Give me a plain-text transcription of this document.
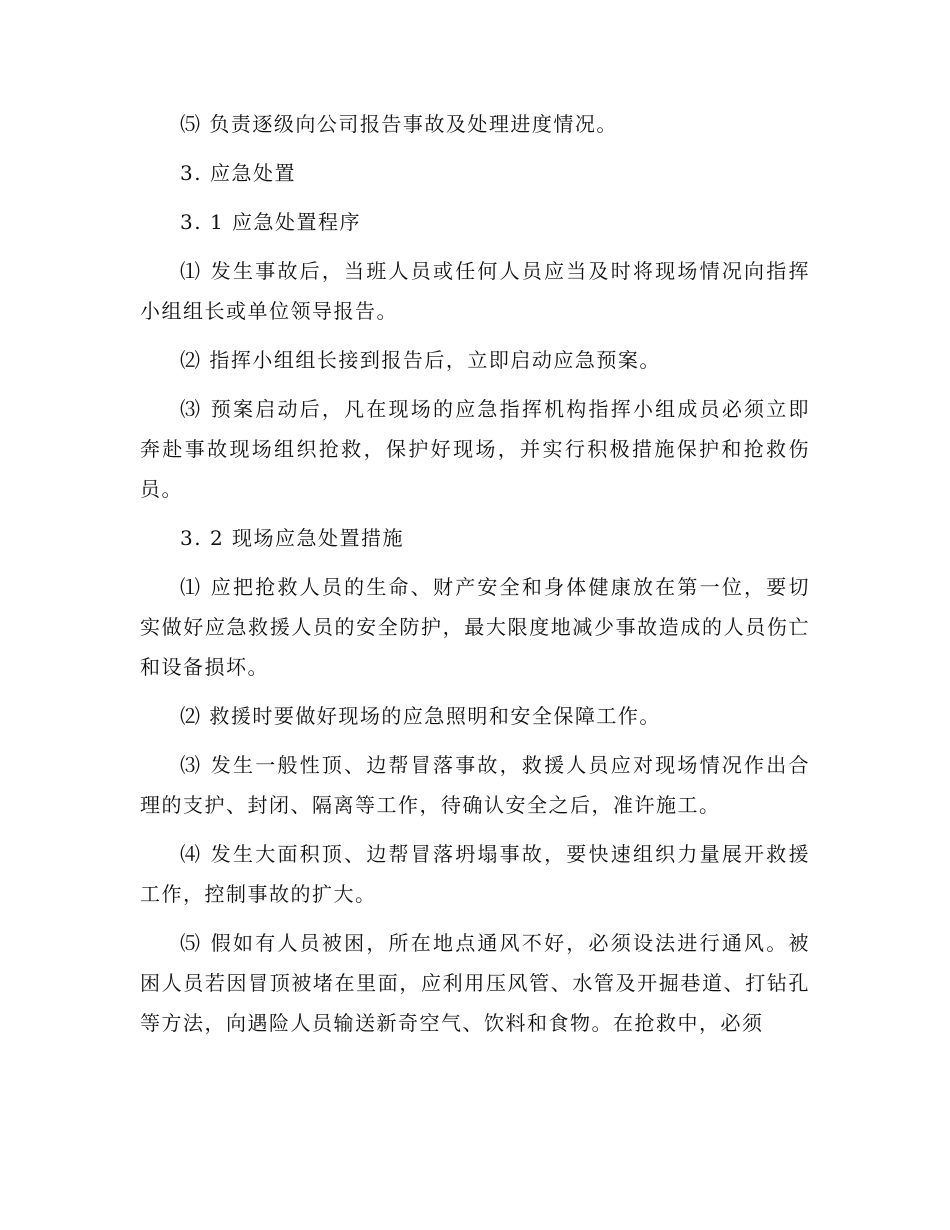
⑸ 负责逐级向公司报告事故及处理进度情况。

3. 应急处置

3. 1 应急处置程序

⑴ 发生事故后，当班人员或任何人员应当及时将现场情况向指挥小组组长或单位领导报告。

⑵ 指挥小组组长接到报告后，立即启动应急预案。

⑶ 预案启动后，凡在现场的应急指挥机构指挥小组成员必须立即奔赴事故现场组织抢救，保护好现场，并实行积极措施保护和抢救伤员。

3. 2 现场应急处置措施

⑴ 应把抢救人员的生命、财产安全和身体健康放在第一位，要切实做好应急救援人员的安全防护，最大限度地减少事故造成的人员伤亡和设备损坏。

⑵ 救援时要做好现场的应急照明和安全保障工作。

⑶ 发生一般性顶、边帮冒落事故，救援人员应对现场情况作出合理的支护、封闭、隔离等工作，待确认安全之后，准许施工。

⑷ 发生大面积顶、边帮冒落坍塌事故，要快速组织力量展开救援工作，控制事故的扩大。

⑸ 假如有人员被困，所在地点通风不好，必须设法进行通风。被困人员若因冒顶被堵在里面，应利用压风管、水管及开掘巷道、打钻孔等方法，向遇险人员输送新奇空气、饮料和食物。在抢救中，必须
